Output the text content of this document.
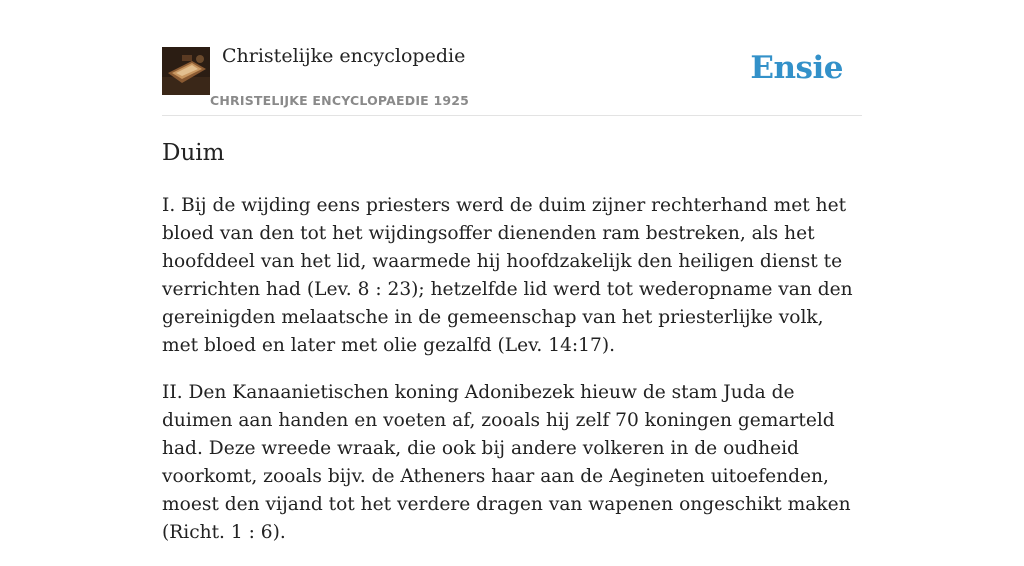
Christelijke encyclopedie
CHRISTELIJKE ENCYCLOPAEDIE 1925
Ensie
Duim

I. Bij de wijding eens priesters werd de duim zijner rechterhand met het bloed van den tot het wijdingsoffer dienenden ram bestreken, als het hoofddeel van het lid, waarmede hij hoofdzakelijk den heiligen dienst te verrichten had (Lev. 8 : 23); hetzelfde lid werd tot wederopname van den gereinigden melaatsche in de gemeenschap van het priesterlijke volk, met bloed en later met olie gezalfd (Lev. 14:17).

II. Den Kanaanietischen koning Adonibezek hieuw de stam Juda de duimen aan handen en voeten af, zooals hij zelf 70 koningen gemarteld had. Deze wreede wraak, die ook bij andere volkeren in de oudheid voorkomt, zooals bijv. de Atheners haar aan de Aegineten uitoefenden, moest den vijand tot het verdere dragen van wapenen ongeschikt maken (Richt. 1 : 6).
